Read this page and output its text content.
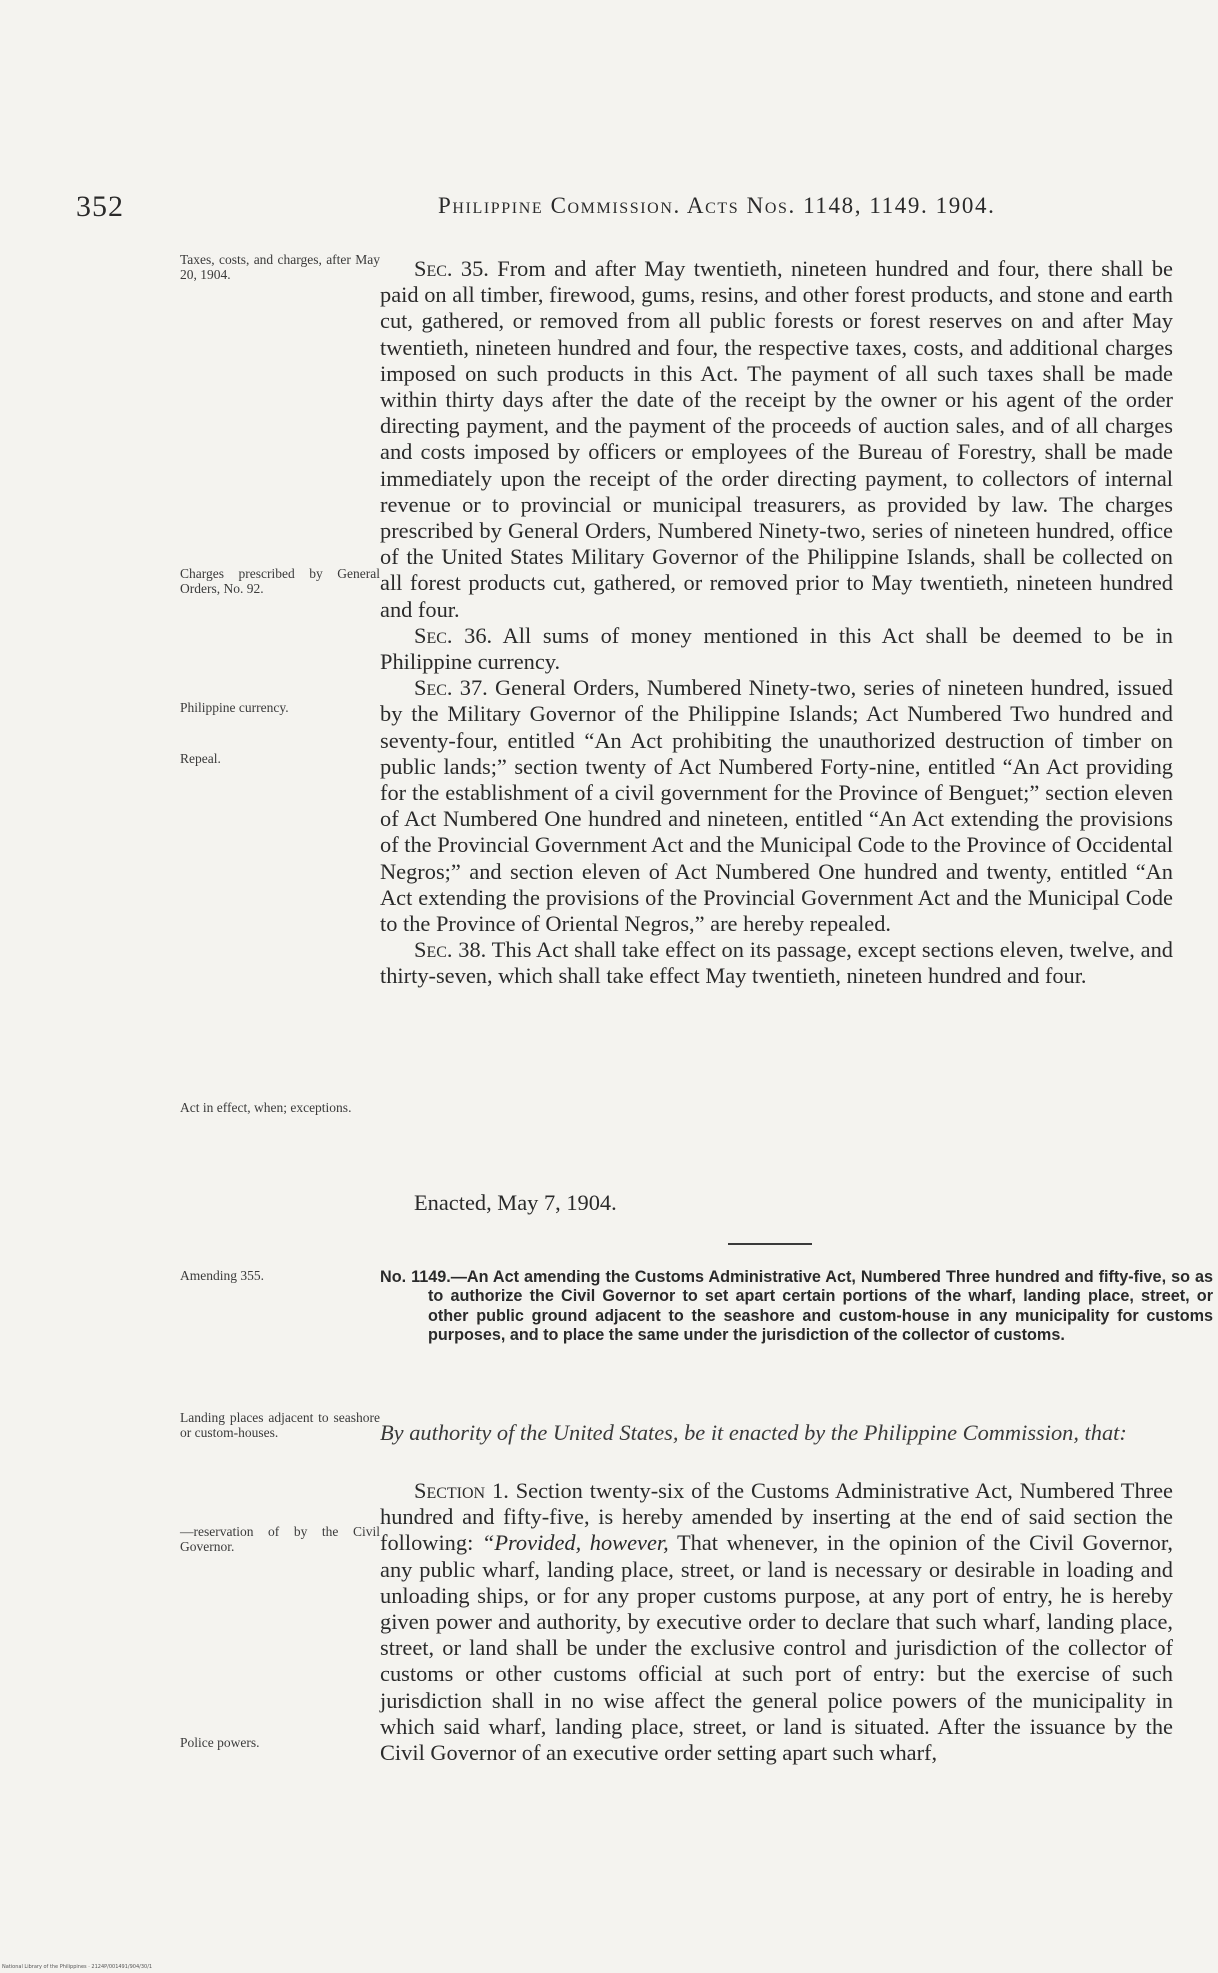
352	Philippine Commission. Acts Nos. 1148, 1149. 1904.
Taxes, costs, and charges, after May 20, 1904.
Charges prescribed by General Orders, No. 92.
Philippine currency.
Repeal.
Act in effect, when; exceptions.
Amending 355.
Landing places adjacent to seashore or custom-houses.
—reservation of by the Civil Governor.
Police powers.

Sec. 35. From and after May twentieth, nineteen hundred and four, there shall be paid on all timber, firewood, gums, resins, and other forest products, and stone and earth cut, gathered, or removed from all public forests or forest reserves on and after May twentieth, nineteen hundred and four, the respective taxes, costs, and additional charges imposed on such products in this Act. The payment of all such taxes shall be made within thirty days after the date of the receipt by the owner or his agent of the order directing payment, and the payment of the proceeds of auction sales, and of all charges and costs imposed by officers or employees of the Bureau of Forestry, shall be made immediately upon the receipt of the order directing payment, to collectors of internal revenue or to provincial or municipal treasurers, as provided by law. The charges prescribed by General Orders, Numbered Ninety-two, series of nineteen hundred, office of the United States Military Governor of the Philippine Islands, shall be collected on all forest products cut, gathered, or removed prior to May twentieth, nineteen hundred and four.

Sec. 36. All sums of money mentioned in this Act shall be deemed to be in Philippine currency.

Sec. 37. General Orders, Numbered Ninety-two, series of nineteen hundred, issued by the Military Governor of the Philippine Islands; Act Numbered Two hundred and seventy-four, entitled “An Act prohibiting the unauthorized destruction of timber on public lands;” section twenty of Act Numbered Forty-nine, entitled “An Act providing for the establishment of a civil government for the Province of Benguet;” section eleven of Act Numbered One hundred and nineteen, entitled “An Act extending the provisions of the Provincial Government Act and the Municipal Code to the Province of Occidental Negros;” and section eleven of Act Numbered One hundred and twenty, entitled “An Act extending the provisions of the Provincial Government Act and the Municipal Code to the Province of Oriental Negros,” are hereby repealed.

Sec. 38. This Act shall take effect on its passage, except sections eleven, twelve, and thirty-seven, which shall take effect May twentieth, nineteen hundred and four.

Enacted, May 7, 1904.
No. 1149.—An Act amending the Customs Administrative Act, Numbered Three hundred and fifty-five, so as to authorize the Civil Governor to set apart certain portions of the wharf, landing place, street, or other public ground adjacent to the seashore and custom-house in any municipality for customs purposes, and to place the same under the jurisdiction of the collector of customs.
By authority of the United States, be it enacted by the Philippine Commission, that:

Section 1. Section twenty-six of the Customs Administrative Act, Numbered Three hundred and fifty-five, is hereby amended by inserting at the end of said section the following: “Provided, however, That whenever, in the opinion of the Civil Governor, any public wharf, landing place, street, or land is necessary or desirable in loading and unloading ships, or for any proper customs purpose, at any port of entry, he is hereby given power and authority, by executive order to declare that such wharf, landing place, street, or land shall be under the exclusive control and jurisdiction of the collector of customs or other customs official at such port of entry: but the exercise of such jurisdiction shall in no wise affect the general police powers of the municipality in which said wharf, landing place, street, or land is situated. After the issuance by the Civil Governor of an executive order setting apart such wharf,

National Library of the Philippines · 2124P/001491/904/30/1
